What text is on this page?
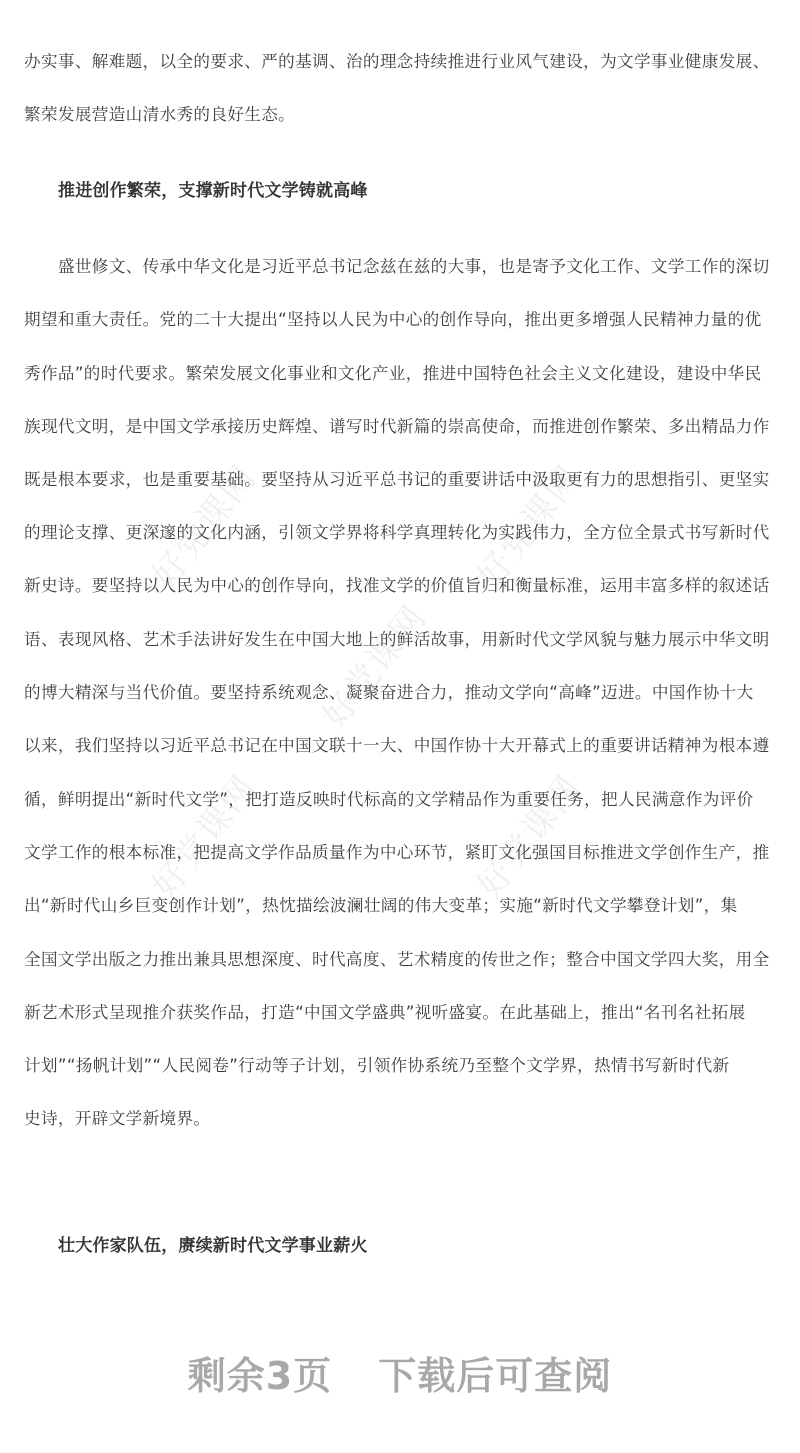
好党课网	好党课网
好党课网
好党课网	好党课网
办实事、解难题，以全的要求、严的基调、治的理念持续推进行业风气建设，为文学事业健康发展、
繁荣发展营造山清水秀的良好生态。
推进创作繁荣，支撑新时代文学铸就高峰
　　盛世修文、传承中华文化是习近平总书记念兹在兹的大事，也是寄予文化工作、文学工作的深切
期望和重大责任。党的二十大提出“坚持以人民为中心的创作导向，推出更多增强人民精神力量的优
秀作品”的时代要求。繁荣发展文化事业和文化产业，推进中国特色社会主义文化建设，建设中华民
族现代文明，是中国文学承接历史辉煌、谱写时代新篇的崇高使命，而推进创作繁荣、多出精品力作
既是根本要求，也是重要基础。要坚持从习近平总书记的重要讲话中汲取更有力的思想指引、更坚实
的理论支撑、更深邃的文化内涵，引领文学界将科学真理转化为实践伟力，全方位全景式书写新时代
新史诗。要坚持以人民为中心的创作导向，找准文学的价值旨归和衡量标准，运用丰富多样的叙述话
语、表现风格、艺术手法讲好发生在中国大地上的鲜活故事，用新时代文学风貌与魅力展示中华文明
的博大精深与当代价值。要坚持系统观念、凝聚奋进合力，推动文学向“高峰”迈进。中国作协十大
以来，我们坚持以习近平总书记在中国文联十一大、中国作协十大开幕式上的重要讲话精神为根本遵
循，鲜明提出“新时代文学”，把打造反映时代标高的文学精品作为重要任务，把人民满意作为评价
文学工作的根本标准，把提高文学作品质量作为中心环节，紧盯文化强国目标推进文学创作生产，推
出“新时代山乡巨变创作计划”，热忱描绘波澜壮阔的伟大变革；实施“新时代文学攀登计划”，集
全国文学出版之力推出兼具思想深度、时代高度、艺术精度的传世之作；整合中国文学四大奖，用全
新艺术形式呈现推介获奖作品，打造“中国文学盛典”视听盛宴。在此基础上，推出“名刊名社拓展
计划”“扬帆计划”“人民阅卷”行动等子计划，引领作协系统乃至整个文学界，热情书写新时代新
史诗，开辟文学新境界。
壮大作家队伍，赓续新时代文学事业薪火
剩余3页 下载后可查阅
